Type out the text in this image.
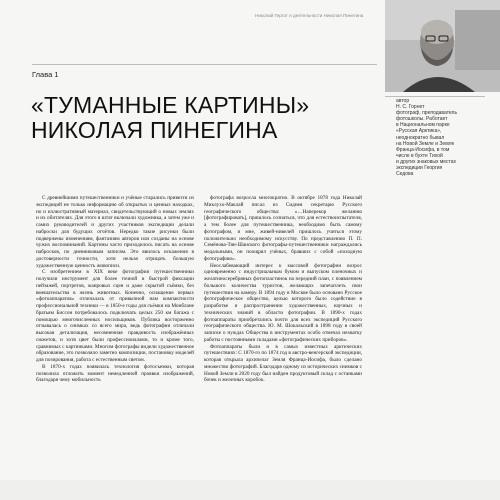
Николай Гергот и деятельности Николая Пинегина
Глава 1
«ТУМАННЫЕ КАРТИНЫ»
НИКОЛАЯ ПИНЕГИНА
автор
Н. С. Горнет
фотограф, преподаватель
фотошколы. Работает
в Национальном парке
«Русская Арктика»,
неоднократно бывал
на Новой Земле и Земле
Франца-Иосифа, в том
числе в бухте Тихой
и других знаковых местах
экспедиции Георгия
Седова

С древнейшими путешественники и учёные старались привезти из экспедиций не только информацию об открытых и ценных находках, но и иллюстративный материал, свидетельствующий о новых землях и их обитателях. Для этого в штат включали художника, а затем уже и самих руководителей и других участников экспедиции делали наброски для будущих отчётов. Нередко такие рисунки были подвержены изменениям, фантазиям авторов или созданы на основе чужих воспоминаний. Картины часто приходилось писать на основе набросков, по дневниковым записям. Это явилось искажения в достоверности точности, хотя нельзя отрицать большую художественную ценность живописи.

С изобретением в XIX веке фотографии путешественники получили инструмент для более точной и быстрой фиксации пейзажей, портретов, жанровых сцен и даже скрытой съёмки, без вмешательства в жизнь животных. Конечно, оснащение первых «фотоаппаратов» отличалась от привычной нам компактности профессиональной техники — в 1850-е годы для съёмки на Монблане братьям Биссон потребовалось подключать целых 250 км багажа с помощью многочисленных носильщиков. Публика восторженно отзывалась о снимках со всего мира, ведь фотографии отличали высокая детализация, несомненная правдивость изображённых сюжетов, и хотя цвет были профессионалами, то и кроме того, сравнимых с картинками. Многим фотографы видели художественное образование, это позволяло заметно композиции, постановку моделей для позирования, работа с естественным светом.

В 1870-х годах появилась технология фотосъемки, которая позволила отложить момент немедленной проявки изображений, благодаря чему мобильность

фотографа возросла многократно. В октябре 1878 года Николай Миклухо-Маклай писал из Сиднея секретарю Русского географического общества: «…Наперекор желанию [фотографировать], пришлось сознаться, что для естествоиспытателя, а тем более для путешественника, необходимо быть самому фотографом, и мне, живей-нивелей пришлось учиться этому положительно необходимому искусству. По представлению П. П. Семёнова-Тян-Шанского фотографы-путешественники награждались медальными, он поощрял учёных, бравших с собой «походную фотографию».

Неослабевающий интерес к массовой фотографии возрос одновременно с индустриальным бумом и выпуском пленочных и желатиносеребряных фотопластинок на передний план, с появлением большого количества туристов, желающих запечатлеть свои путешествия на камеру. В 1894 году в Москве было основано Русское фотографическое общество, целью которого было содействие в разработке и распространении художественных, научных и технических знаний в области фотографии. В 1890-х годах фотоаппараты приобретались почти для всех экспедиций Русского географического общества. Ю. М. Шокальский в 1898 году в своей записке о нуждах Общества в инструментах особо отмечал нехватку работы с постоянными складами «фотографических приборов».

Фотоаппараты были и в самых известных арктических путешествиях: С 1870-го по 1874 год в австро-венгерской экспедиции, которая открыла архипелаг Земля Франца-Иосифа, было сделано множество фотографий. Благодаря одному из исторических снимков с Новой Земли в 2020 году был найден продуктовый склад с останками бочек и железных коробок.
